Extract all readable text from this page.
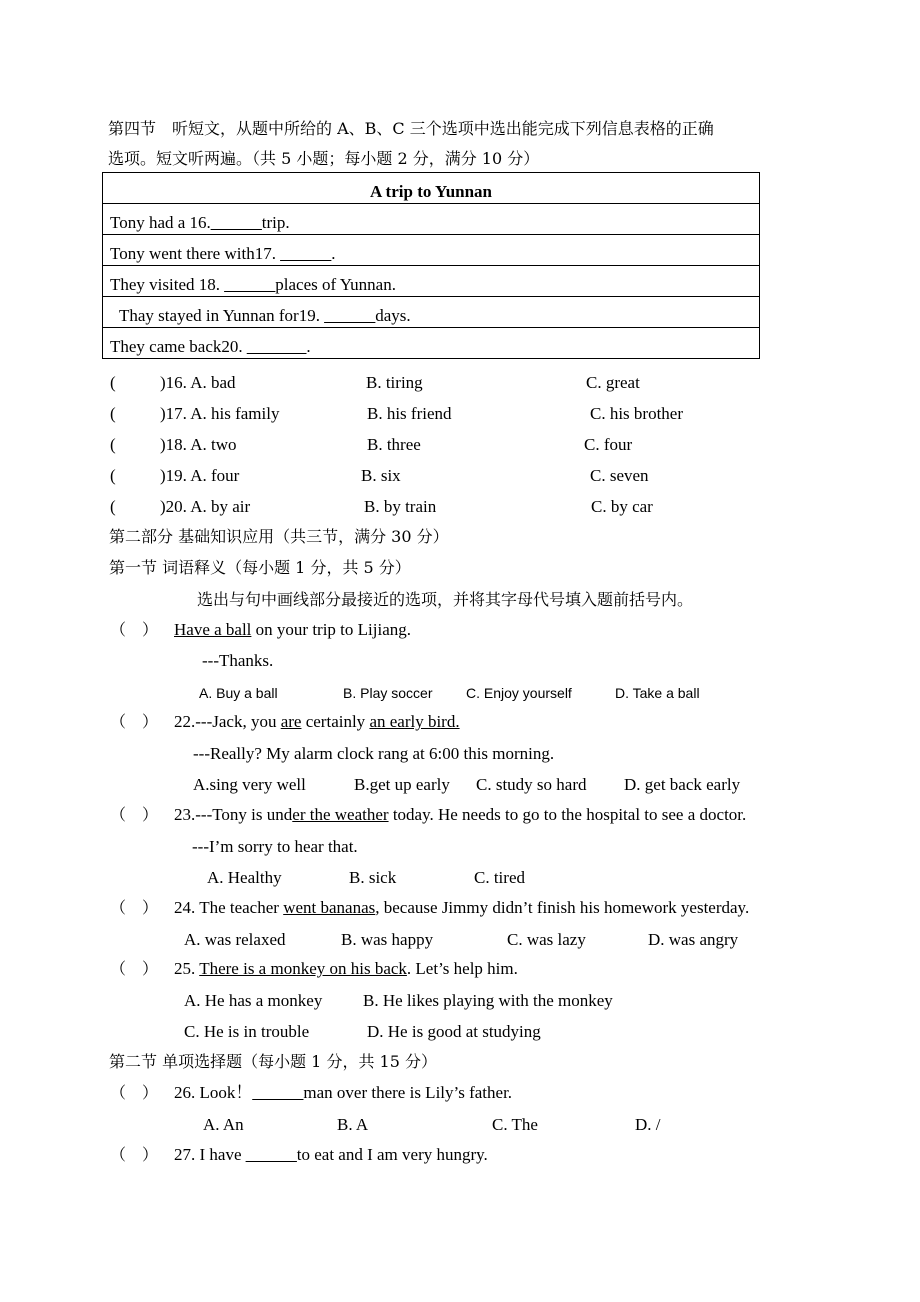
第四节　听短文，从题中所给的 A、B、C 三个选项中选出能完成下列信息表格的正确
选项。短文听两遍。（共 5 小题；每小题 2 分，满分 10 分）
A trip to Yunnan
Tony had a 16.______trip.
Tony went there with17. ______.
They visited 18. ______places of Yunnan.
Thay stayed in Yunnan for19. ______days.
They came back20. _______.
(	)16. A. bad	B. tiring	C. great
(	)17. A. his family	B. his friend	C. his brother
(	)18. A. two	B. three	C. four
(	)19. A. four	B. six	C. seven
(	)20. A. by air	B. by train	C. by car
第二部分 基础知识应用（共三节，满分 30 分）
第一节 词语释义（每小题 1 分，共 5 分）
选出与句中画线部分最接近的选项，并将其字母代号填入题前括号内。
（　） Have a ball on your trip to Lijiang.
---Thanks.
A. Buy a ball	B. Play soccer C. Enjoy yourself	D. Take a ball
（　） 22.---Jack, you are certainly an early bird.
---Really? My alarm clock rang at 6:00 this morning.
A.sing very well	B.get up early C. study so hard D. get back early
（　） 23.---Tony is under the weather today. He needs to go to the hospital to see a doctor.
---I’m sorry to hear that.
A. Healthy	B. sick	C. tired
（　） 24. The teacher went bananas, because Jimmy didn’t finish his homework yesterday.
A. was relaxed	B. was happy	C. was lazy	D. was angry
（　） 25. There is a monkey on his back. Let’s help him.
A. He has a monkey B. He likes playing with the monkey
C. He is in trouble	D. He is good at studying
第二节 单项选择题（每小题 1 分，共 15 分）
（　） 26. Look！______man over there is Lily’s father.
A. An	B. A	C. The	D. /
（　） 27. I have ______to eat and I am very hungry.
